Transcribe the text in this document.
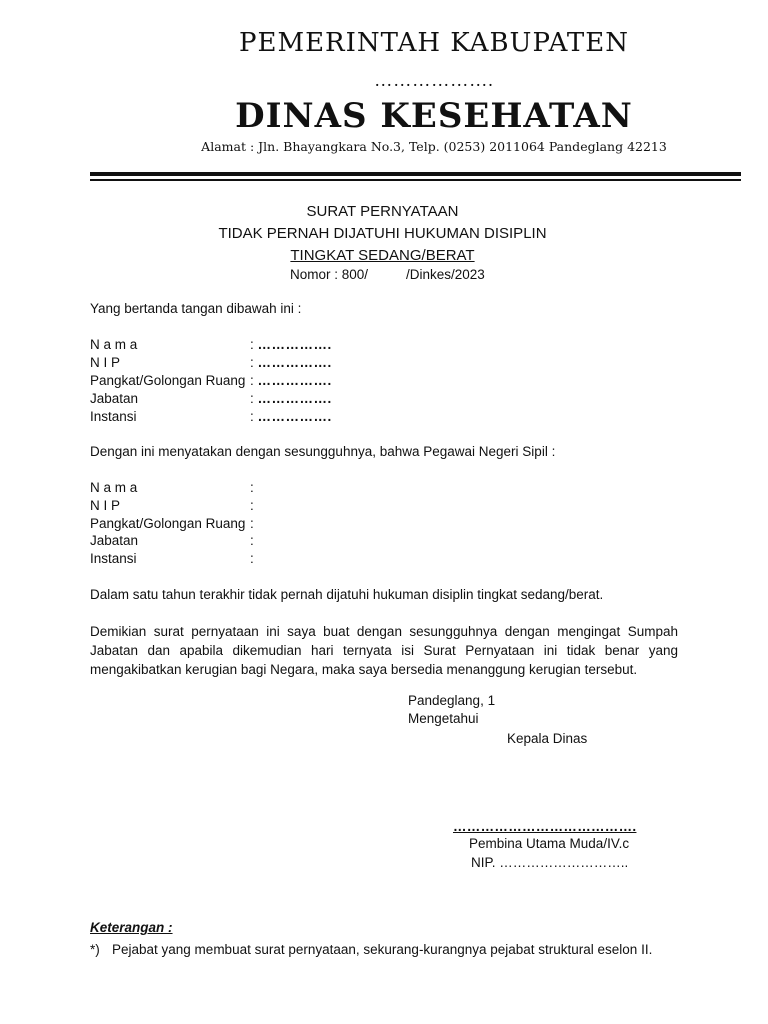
PEMERINTAH KABUPATEN
……………….
DINAS KESEHATAN
Alamat : Jln. Bhayangkara No.3, Telp. (0253) 2011064 Pandeglang 42213
SURAT PERNYATAAN
TIDAK PERNAH DIJATUHI HUKUMAN DISIPLIN
TINGKAT SEDANG/BERAT
Nomor : 800/	/Dinkes/2023
Yang bertanda tangan dibawah ini :
N a m a	: …………….
N I P	: …………….
Pangkat/Golongan Ruang : …………….
Jabatan	: …………….
Instansi	: …………….
Dengan ini menyatakan dengan sesungguhnya, bahwa Pegawai Negeri Sipil :
N a m a	:
N I P	:
Pangkat/Golongan Ruang :
Jabatan	:
Instansi	:
Dalam satu tahun terakhir tidak pernah dijatuhi hukuman disiplin tingkat sedang/berat.
Demikian surat pernyataan ini saya buat dengan sesungguhnya dengan mengingat Sumpah Jabatan dan apabila dikemudian hari ternyata isi Surat Pernyataan ini tidak benar yang mengakibatkan kerugian bagi Negara, maka saya bersedia menanggung kerugian tersebut.
Pandeglang, 1
Mengetahui
Kepala Dinas
………………………………….
Pembina Utama Muda/IV.c
NIP. ………………………..
Keterangan :
*) Pejabat yang membuat surat pernyataan, sekurang-kurangnya pejabat struktural eselon II.
